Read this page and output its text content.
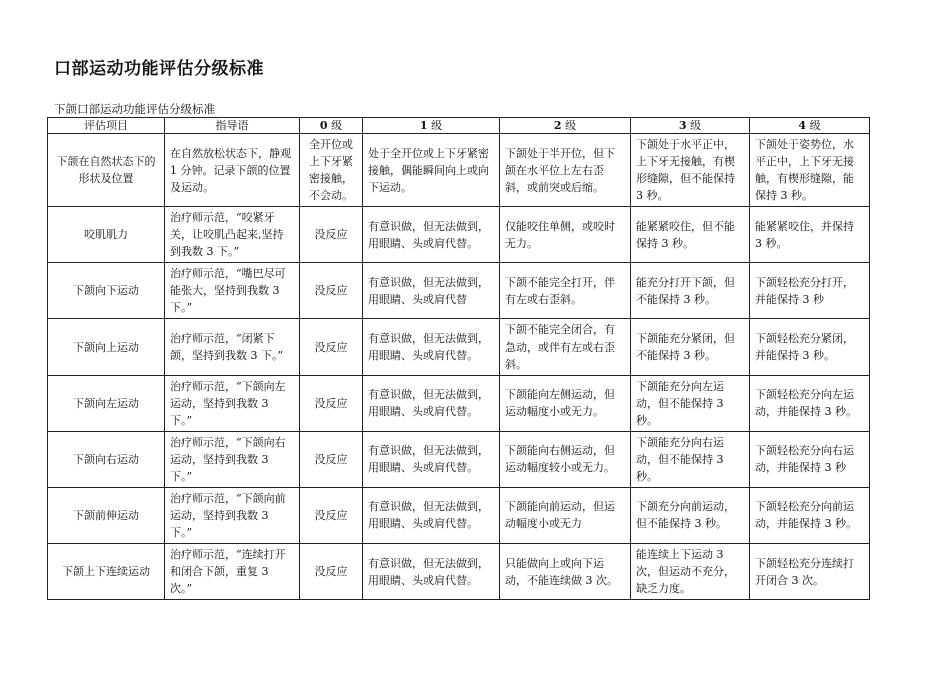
口部运动功能评估分级标准
下颌口部运动功能评估分级标准
评估项目	指导语	0 级	1 级	2 级	3 级	4 级
下颌在自然状态下的形状及位置	在自然放松状态下，静观 1 分钟。记录下颌的位置及运动。	全开位或上下牙紧密接触，不会动。	处于全开位或上下牙紧密接触，偶能瞬间向上或向下运动。	下颌处于半开位，但下颌在水平位上左右歪斜，或前突或后缩。	下颌处于水平正中，上下牙无接触，有楔形缝隙，但不能保持 3 秒。	下颌处于姿势位，水平正中，上下牙无接触，有楔形缝隙，能保持 3 秒。
咬肌肌力	治疗师示范，“咬紧牙关，让咬肌凸起来,坚持到我数 3 下。”	没反应	有意识做，但无法做到，用眼睛、头或肩代替。	仅能咬住单侧，或咬时无力。	能紧紧咬住，但不能保持 3 秒。	能紧紧咬住，并保持 3 秒。
下颌向下运动	治疗师示范，“嘴巴尽可能张大，坚持到我数 3 下。”	没反应	有意识做，但无法做到，用眼睛、头或肩代替	下颌不能完全打开，伴有左或右歪斜。	能充分打开下颌，但不能保持 3 秒。	下颌轻松充分打开，并能保持 3 秒
下颌向上运动	治疗师示范，“闭紧下颌，坚持到我数 3 下。”	没反应	有意识做，但无法做到，用眼睛、头或肩代替。	下颌不能完全闭合，有急动，或伴有左或右歪斜。	下颌能充分紧闭，但不能保持 3 秒。	下颌轻松充分紧闭，并能保持 3 秒。
下颌向左运动	治疗师示范，“下颌向左运动，坚持到我数 3 下。”	没反应	有意识做，但无法做到，用眼睛、头或肩代替。	下颌能向左侧运动，但运动幅度小或无力。	下颌能充分向左运动，但不能保持 3 秒。	下颌轻松充分向左运动，并能保持 3 秒。
下颌向右运动	治疗师示范，“下颌向右运动，坚持到我数 3 下。”	没反应	有意识做，但无法做到，用眼睛、头或肩代替。	下颌能向右侧运动，但运动幅度较小或无力。	下颌能充分向右运动，但不能保持 3 秒。	下颌轻松充分向右运动，并能保持 3 秒
下颌前伸运动	治疗师示范，“下颌向前运动，坚持到我数 3 下。”	没反应	有意识做，但无法做到，用眼睛、头或肩代替。	下颌能向前运动，但运动幅度小或无力	下颌充分向前运动，但不能保持 3 秒。	下颌轻松充分向前运动，并能保持 3 秒。
下颌上下连续运动	治疗师示范，“连续打开和闭合下颌，重复 3 次。”	没反应	有意识做，但无法做到，用眼睛、头或肩代替。	只能做向上或向下运动，不能连续做 3 次。	能连续上下运动 3 次，但运动不充分，缺乏力度。	下颌轻松充分连续打开闭合 3 次。
